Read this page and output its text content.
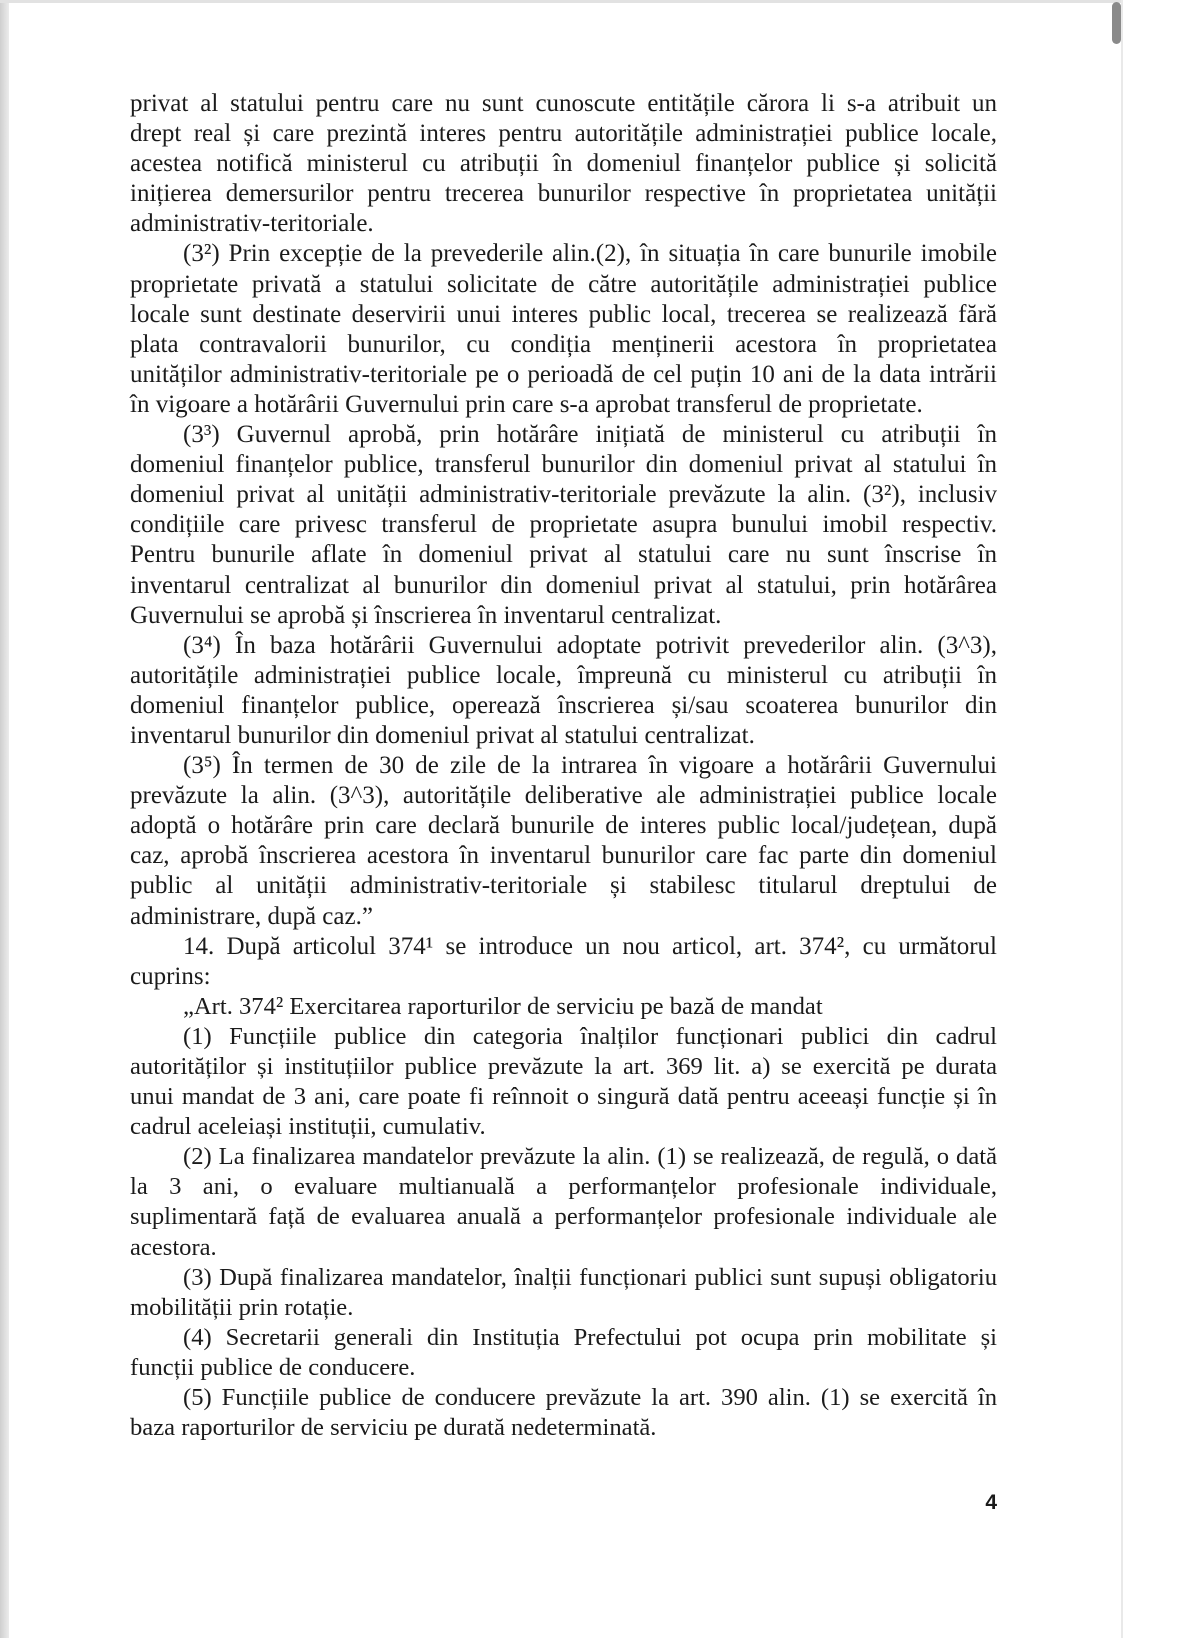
privat al statului pentru care nu sunt cunoscute entitățile cărora li s-a atribuit un
drept real și care prezintă interes pentru autoritățile administrației publice locale,
acestea notifică ministerul cu atribuții în domeniul finanțelor publice și solicită
inițierea demersurilor pentru trecerea bunurilor respective în proprietatea unității
administrativ-teritoriale.
(3²) Prin excepție de la prevederile alin.(2), în situația în care bunurile imobile
proprietate privată a statului solicitate de către autoritățile administrației publice
locale sunt destinate deservirii unui interes public local, trecerea se realizează fără
plata contravalorii bunurilor, cu condiția menținerii acestora în proprietatea
unităților administrativ-teritoriale pe o perioadă de cel puțin 10 ani de la data intrării
în vigoare a hotărârii Guvernului prin care s-a aprobat transferul de proprietate.
(3³) Guvernul aprobă, prin hotărâre inițiată de ministerul cu atribuții în
domeniul finanțelor publice, transferul bunurilor din domeniul privat al statului în
domeniul privat al unității administrativ-teritoriale prevăzute la alin. (3²), inclusiv
condițiile care privesc transferul de proprietate asupra bunului imobil respectiv.
Pentru bunurile aflate în domeniul privat al statului care nu sunt înscrise în
inventarul centralizat al bunurilor din domeniul privat al statului, prin hotărârea
Guvernului se aprobă și înscrierea în inventarul centralizat.
(3⁴) În baza hotărârii Guvernului adoptate potrivit prevederilor alin. (3^3),
autoritățile administrației publice locale, împreună cu ministerul cu atribuții în
domeniul finanțelor publice, operează înscrierea și/sau scoaterea bunurilor din
inventarul bunurilor din domeniul privat al statului centralizat.
(3⁵) În termen de 30 de zile de la intrarea în vigoare a hotărârii Guvernului
prevăzute la alin. (3^3), autoritățile deliberative ale administrației publice locale
adoptă o hotărâre prin care declară bunurile de interes public local/județean, după
caz, aprobă înscrierea acestora în inventarul bunurilor care fac parte din domeniul
public al unității administrativ-teritoriale și stabilesc titularul dreptului de
administrare, după caz.”
14. După articolul 374¹ se introduce un nou articol, art. 374², cu următorul
cuprins:
„Art. 374² Exercitarea raporturilor de serviciu pe bază de mandat
(1) Funcțiile publice din categoria înalților funcționari publici din cadrul
autorităților și instituțiilor publice prevăzute la art. 369 lit. a) se exercită pe durata
unui mandat de 3 ani, care poate fi reînnoit o singură dată pentru aceeași funcție și în
cadrul aceleiași instituții, cumulativ.
(2) La finalizarea mandatelor prevăzute la alin. (1) se realizează, de regulă, o dată
la 3 ani, o evaluare multianuală a performanțelor profesionale individuale,
suplimentară față de evaluarea anuală a performanțelor profesionale individuale ale
acestora.
(3) După finalizarea mandatelor, înalții funcționari publici sunt supuși obligatoriu
mobilității prin rotație.
(4) Secretarii generali din Instituția Prefectului pot ocupa prin mobilitate și
funcții publice de conducere.
(5) Funcțiile publice de conducere prevăzute la art. 390 alin. (1) se exercită în
baza raporturilor de serviciu pe durată nedeterminată.
4
